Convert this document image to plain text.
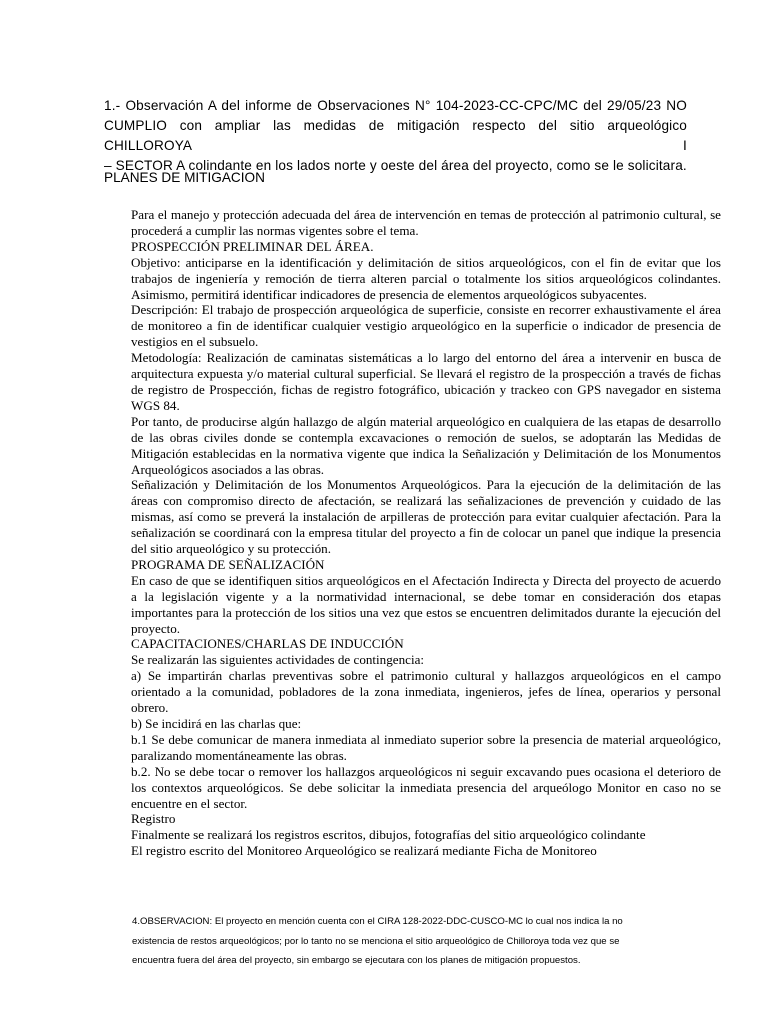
1.- Observación A del informe de Observaciones N° 104-2023-CC-CPC/MC del 29/05/23 NO
CUMPLIO con ampliar las medidas de mitigación respecto del sitio arqueológico CHILLOROYA I
– SECTOR A colindante en los lados norte y oeste del área del proyecto, como se le solicitara.
PLANES DE MITIGACION

Para el manejo y protección adecuada del área de intervención en temas de protección al patrimonio cultural, se procederá a cumplir las normas vigentes sobre el tema.

PROSPECCIÓN PRELIMINAR DEL ÁREA.

Objetivo: anticiparse en la identificación y delimitación de sitios arqueológicos, con el fin de evitar que los trabajos de ingeniería y remoción de tierra alteren parcial o totalmente los sitios arqueológicos colindantes. Asimismo, permitirá identificar indicadores de presencia de elementos arqueológicos subyacentes.

Descripción: El trabajo de prospección arqueológica de superficie, consiste en recorrer exhaustivamente el área de monitoreo a fin de identificar cualquier vestigio arqueológico en la superficie o indicador de presencia de vestigios en el subsuelo.

Metodología: Realización de caminatas sistemáticas a lo largo del entorno del área a intervenir en busca de arquitectura expuesta y/o material cultural superficial. Se llevará el registro de la prospección a través de fichas de registro de Prospección, fichas de registro fotográfico, ubicación y trackeo con GPS navegador en sistema WGS 84.

Por tanto, de producirse algún hallazgo de algún material arqueológico en cualquiera de las etapas de desarrollo de las obras civiles donde se contempla excavaciones o remoción de suelos, se adoptarán las Medidas de Mitigación establecidas en la normativa vigente que indica la Señalización y Delimitación de los Monumentos Arqueológicos asociados a las obras.

Señalización y Delimitación de los Monumentos Arqueológicos. Para la ejecución de la delimitación de las áreas con compromiso directo de afectación, se realizará las señalizaciones de prevención y cuidado de las mismas, así como se preverá la instalación de arpilleras de protección para evitar cualquier afectación. Para la señalización se coordinará con la empresa titular del proyecto a fin de colocar un panel que indique la presencia del sitio arqueológico y su protección.

PROGRAMA DE SEÑALIZACIÓN

En caso de que se identifiquen sitios arqueológicos en el Afectación Indirecta y Directa del proyecto de acuerdo a la legislación vigente y a la normatividad internacional, se debe tomar en consideración dos etapas importantes para la protección de los sitios una vez que estos se encuentren delimitados durante la ejecución del proyecto.

CAPACITACIONES/CHARLAS DE INDUCCIÓN

Se realizarán las siguientes actividades de contingencia:

a) Se impartirán charlas preventivas sobre el patrimonio cultural y hallazgos arqueológicos en el campo orientado a la comunidad, pobladores de la zona inmediata, ingenieros, jefes de línea, operarios y personal obrero.

b) Se incidirá en las charlas que:

b.1 Se debe comunicar de manera inmediata al inmediato superior sobre la presencia de material arqueológico, paralizando momentáneamente las obras.

b.2. No se debe tocar o remover los hallazgos arqueológicos ni seguir excavando pues ocasiona el deterioro de los contextos arqueológicos. Se debe solicitar la inmediata presencia del arqueólogo Monitor en caso no se encuentre en el sector.

Registro

Finalmente se realizará los registros escritos, dibujos, fotografías del sitio arqueológico colindante

El registro escrito del Monitoreo Arqueológico se realizará mediante Ficha de Monitoreo

4.OBSERVACION: El proyecto en mención cuenta con el CIRA 128-2022-DDC-CUSCO-MC lo cual nos indica la no
existencia de restos arqueológicos; por lo tanto no se menciona el sitio arqueológico de Chilloroya toda vez que se
encuentra fuera del área del proyecto, sin embargo se ejecutara con los planes de mitigación propuestos.
